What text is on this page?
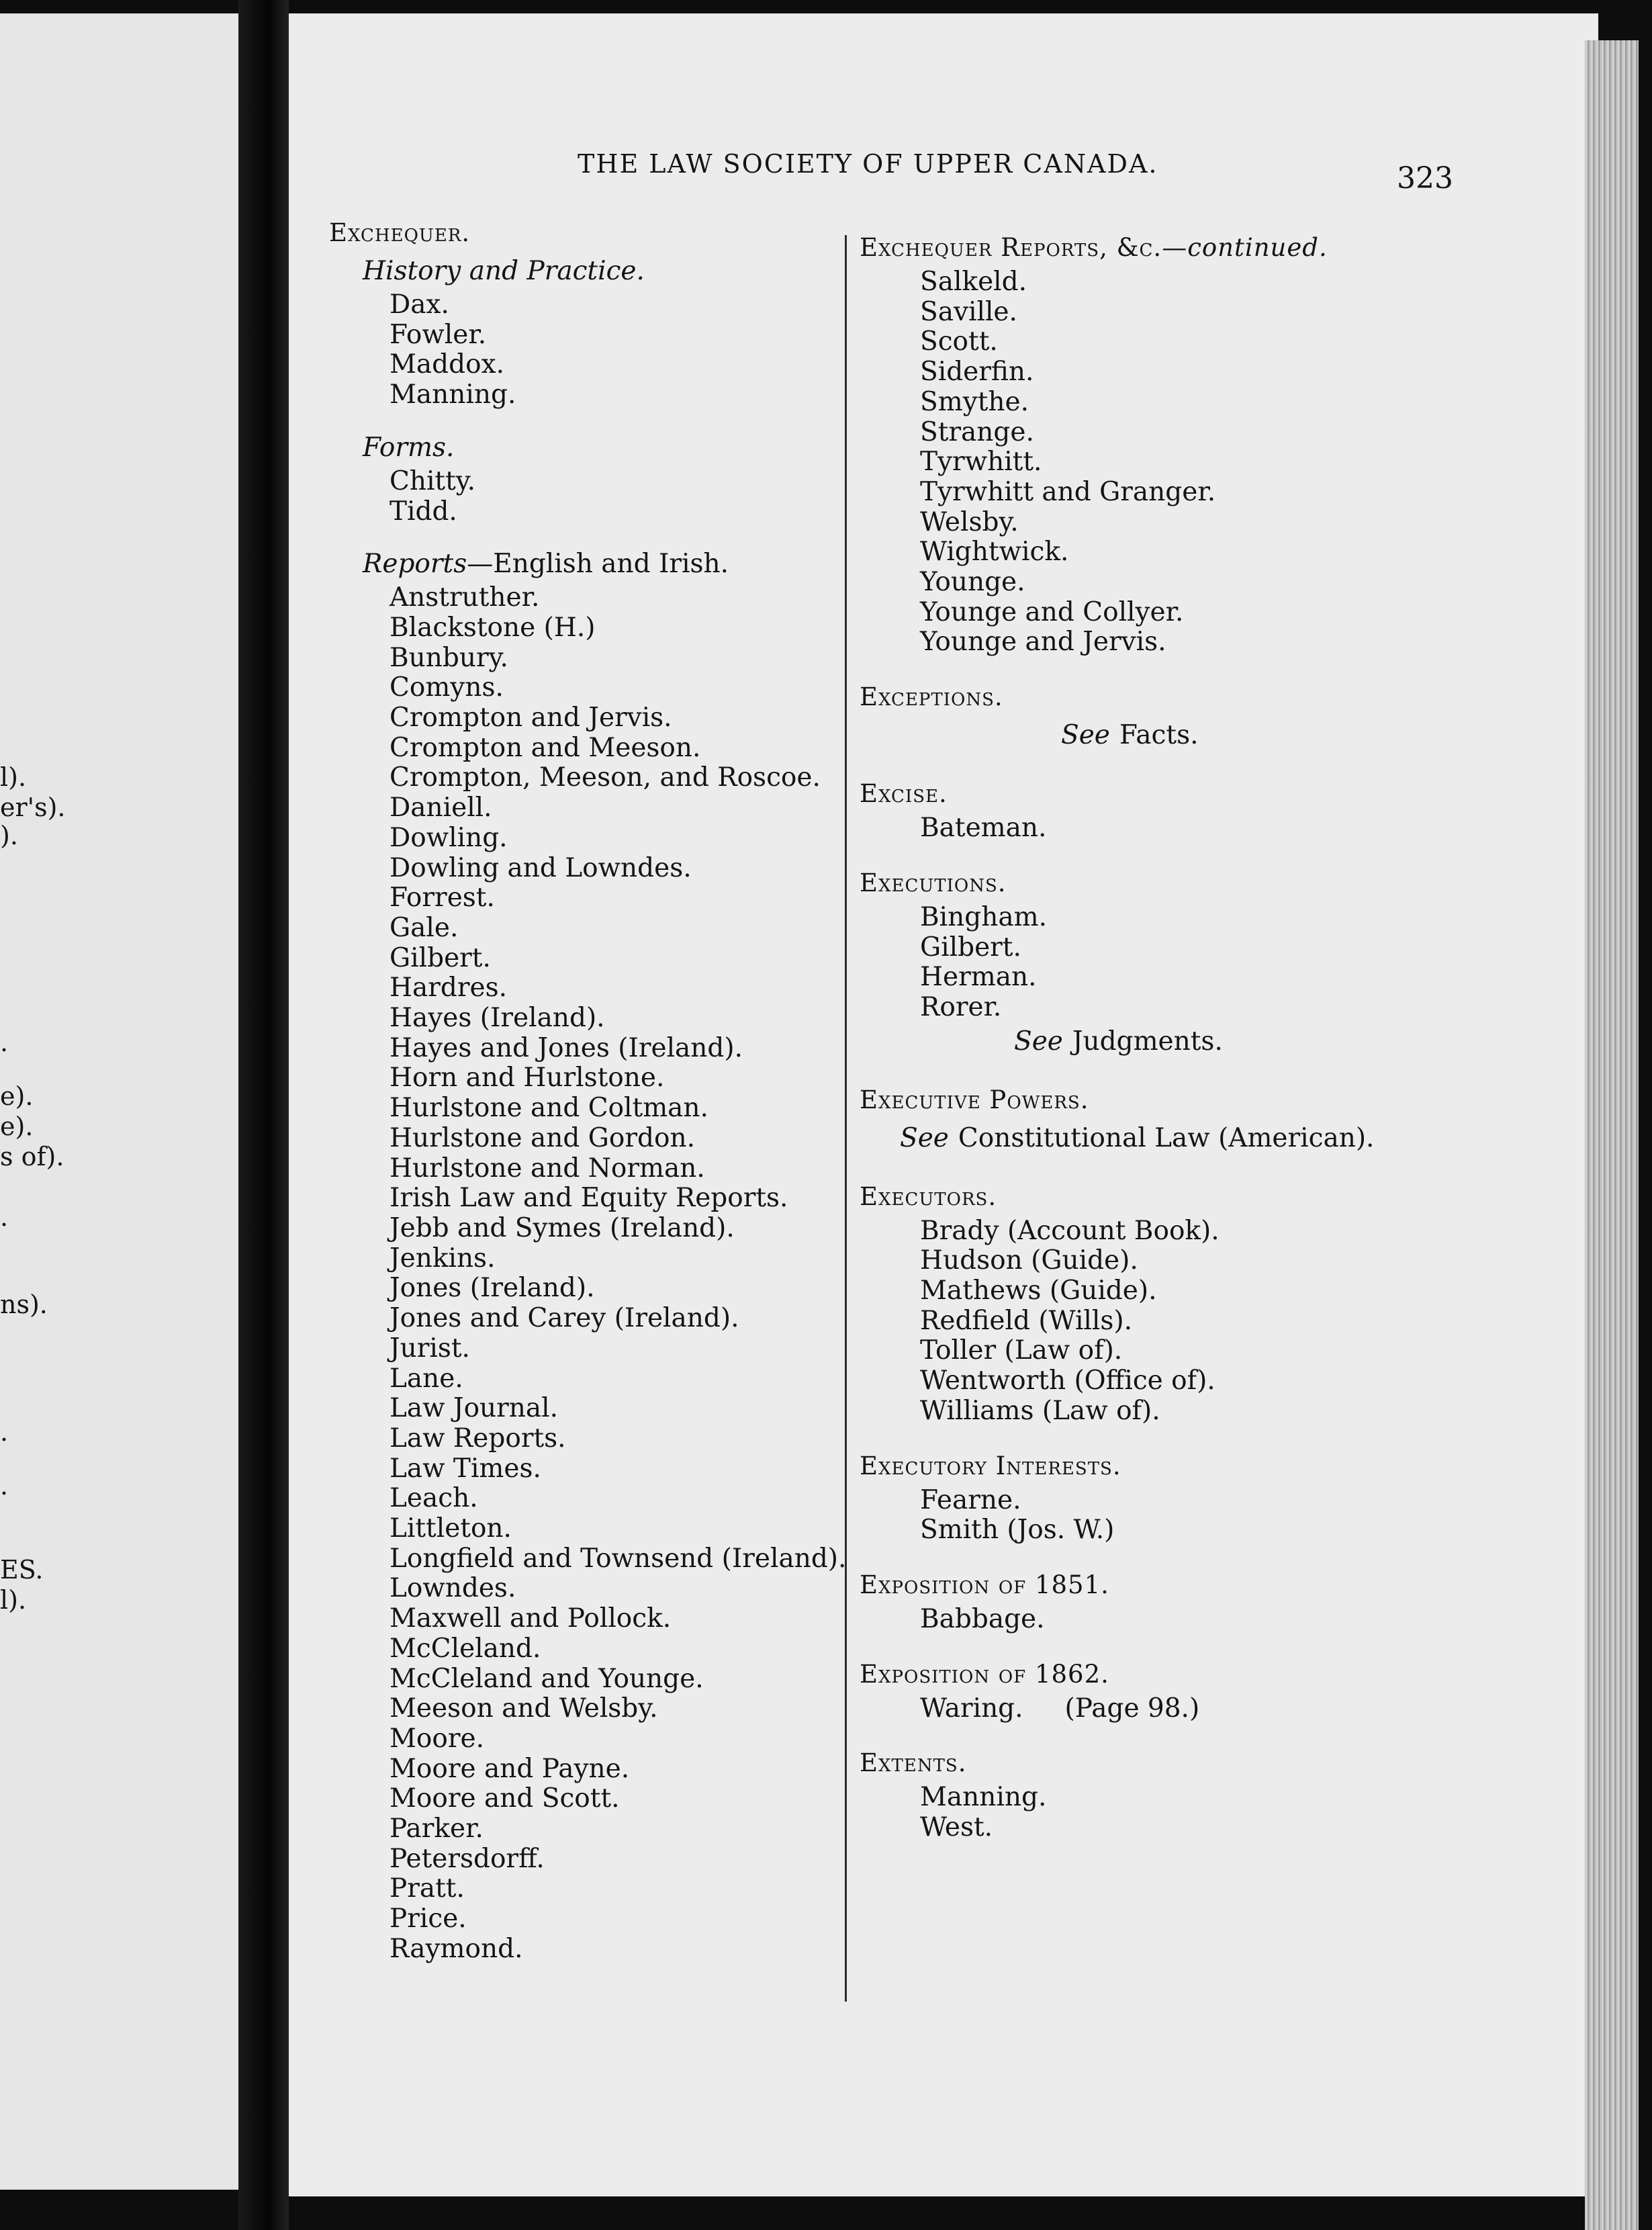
l).
er's).
).
.
e).
e).
s of).
.
ns).
.
.
ES.
l).
THE LAW SOCIETY OF UPPER CANADA.	323
Exchequer.
History and Practice.
Dax.
Fowler.
Maddox.
Manning.
Forms.
Chitty.
Tidd.
Reports—English and Irish.
Anstruther.
Blackstone (H.)
Bunbury.
Comyns.
Crompton and Jervis.
Crompton and Meeson.
Crompton, Meeson, and Roscoe.
Daniell.
Dowling.
Dowling and Lowndes.
Forrest.
Gale.
Gilbert.
Hardres.
Hayes (Ireland).
Hayes and Jones (Ireland).
Horn and Hurlstone.
Hurlstone and Coltman.
Hurlstone and Gordon.
Hurlstone and Norman.
Irish Law and Equity Reports.
Jebb and Symes (Ireland).
Jenkins.
Jones (Ireland).
Jones and Carey (Ireland).
Jurist.
Lane.
Law Journal.
Law Reports.
Law Times.
Leach.
Littleton.
Longfield and Townsend (Ireland).
Lowndes.
Maxwell and Pollock.
McCleland.
McCleland and Younge.
Meeson and Welsby.
Moore.
Moore and Payne.
Moore and Scott.
Parker.
Petersdorff.
Pratt.
Price.
Raymond.
Exchequer Reports, &c.—continued.
Salkeld.
Saville.
Scott.
Siderfin.
Smythe.
Strange.
Tyrwhitt.
Tyrwhitt and Granger.
Welsby.
Wightwick.
Younge.
Younge and Collyer.
Younge and Jervis.
Exceptions.
See Facts.
Excise.
Bateman.
Executions.
Bingham.
Gilbert.
Herman.
Rorer.
See Judgments.
Executive Powers.
See Constitutional Law (American).
Executors.
Brady (Account Book).
Hudson (Guide).
Mathews (Guide).
Redfield (Wills).
Toller (Law of).
Wentworth (Office of).
Williams (Law of).
Executory Interests.
Fearne.
Smith (Jos. W.)
Exposition of 1851.
Babbage.
Exposition of 1862.
Waring.     (Page 98.)
Extents.
Manning.
West.
